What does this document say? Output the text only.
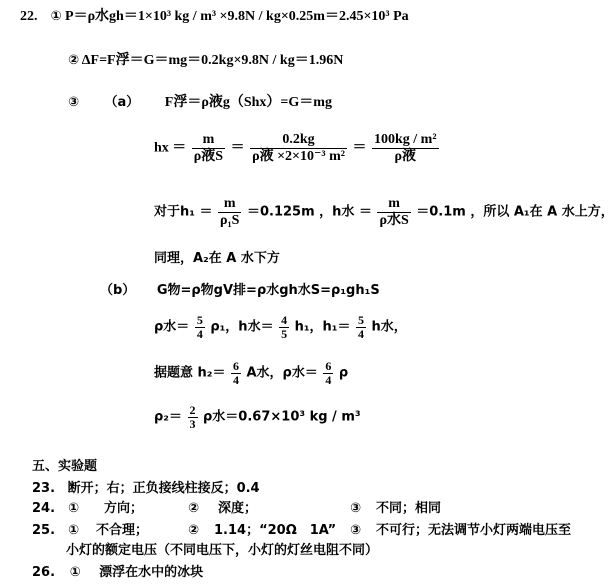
22. ① P＝ρ水gh＝1×10³ kg / m³ ×9.8N / kg×0.25m＝2.45×10³ Pa
② ΔF=F浮＝G＝mg＝0.2kg×9.8N / kg＝1.96N
③ （a） F浮＝ρ液g（Shx）=G＝mg
hx ＝ $\frac{m}{\text{ρ液S}} = \frac{0.2kg}{\text{ρ液 ×2×10⁻³ m²}} = \frac{\text{100kg / m²}}{\text{ρ液}}$
对于$h_1 = \frac{m}{\text{ρ₁S}} =0.125m$ ，h水 ＝ $\frac{m}{\text{ρ水S}} =0.1m$ ，所以 A₁在 A 水上方，
同理，A₂在 A 水下方
（b） G物=ρ物gV排=ρ水gh水S=ρ₁gh₁S
ρ水＝ $\frac{5}{4} \rho_1$，h水＝ $\frac{4}{5} h_1$，$h_1= \frac{5}{4}$ h水，
据题意 $h_2= \frac{6}{4}$ A水，ρ水＝ $\frac{6}{4}$ ρ
$\rho_2= \frac{2}{3}$ ρ水＝0.67×10³ kg / m³
五、实验题
23. 断开；右；正负接线柱接反；0.4
24. ① 方向；	② 深度；	③ 不同；相同
25. ① 不合理；	② 1.14；“20Ω　1A” ③ 不可行；无法调节小灯两端电压至
小灯的额定电压（不同电压下，小灯的灯丝电阻不同）
26. ① 漂浮在水中的冰块
